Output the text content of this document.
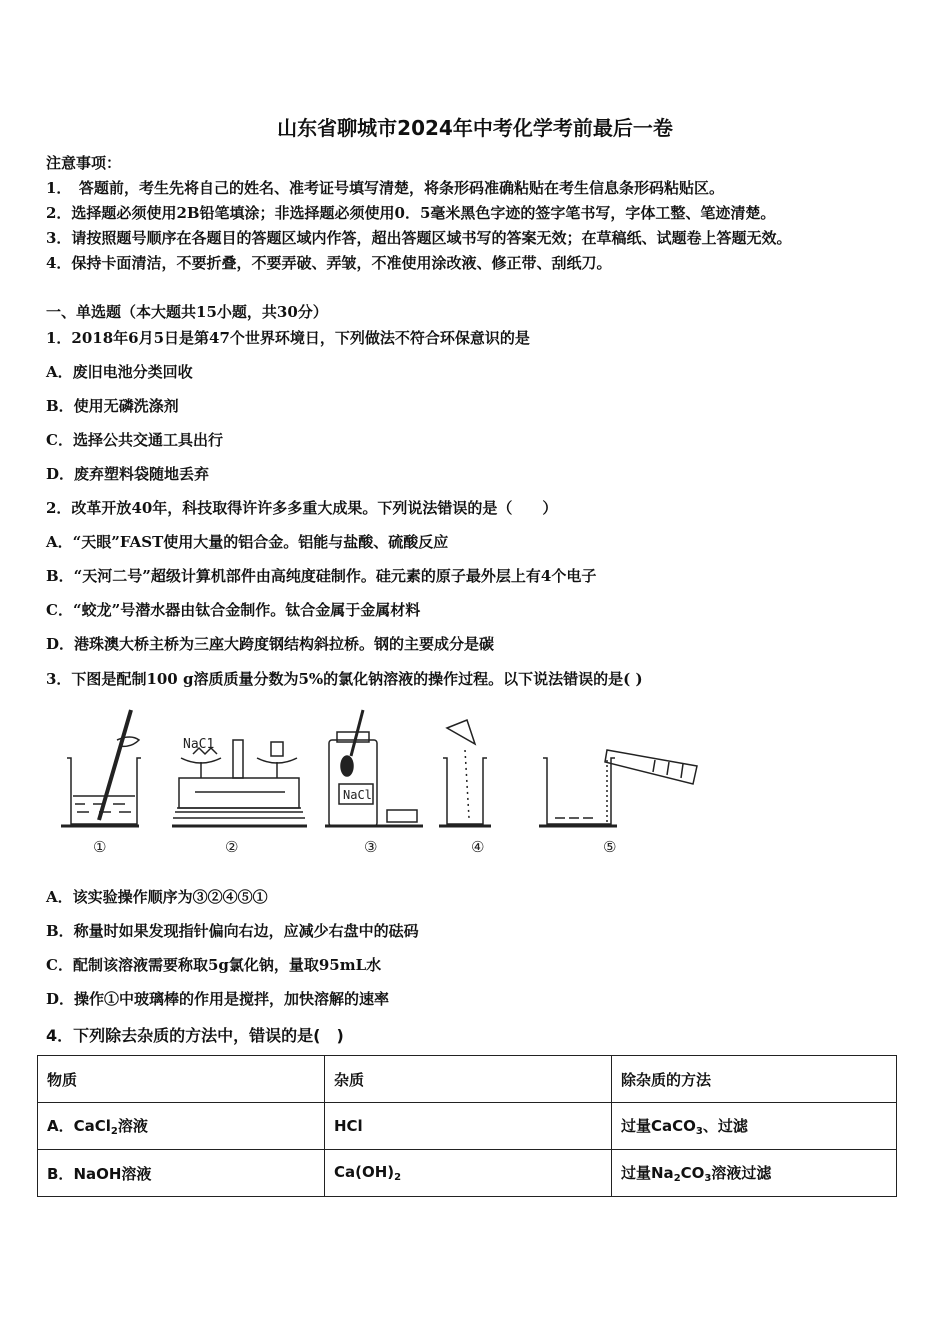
山东省聊城市2024年中考化学考前最后一卷
注意事项：
1．　答题前，考生先将自己的姓名、准考证号填写清楚，将条形码准确粘贴在考生信息条形码粘贴区。
2．选择题必须使用2B铅笔填涂；非选择题必须使用0．5毫米黑色字迹的签字笔书写，字体工整、笔迹清楚。
3．请按照题号顺序在各题目的答题区域内作答，超出答题区域书写的答案无效；在草稿纸、试题卷上答题无效。
4．保持卡面清洁，不要折叠，不要弄破、弄皱，不准使用涂改液、修正带、刮纸刀。
一、单选题（本大题共15小题，共30分）
1．2018年6月5日是第47个世界环境日，下列做法不符合环保意识的是
A．废旧电池分类回收
B．使用无磷洗涤剂
C．选择公共交通工具出行
D．废弃塑料袋随地丢弃
2．改革开放40年，科技取得许许多多重大成果。下列说法错误的是（　　）
A．“天眼”FAST使用大量的铝合金。铝能与盐酸、硫酸反应
B．“天河二号”超级计算机部件由高纯度硅制作。硅元素的原子最外层上有4个电子
C．“蛟龙”号潜水器由钛合金制作。钛合金属于金属材料
D．港珠澳大桥主桥为三座大跨度钢结构斜拉桥。钢的主要成分是碳
3．下图是配制100 g溶质质量分数为5%的氯化钠溶液的操作过程。以下说法错误的是( )
NaC1
NaCl
①	②	③	④	⑤
A．该实验操作顺序为③②④⑤①
B．称量时如果发现指针偏向右边，应减少右盘中的砝码
C．配制该溶液需要称取5g氯化钠，量取95mL水
D．操作①中玻璃棒的作用是搅拌，加快溶解的速率
4．下列除去杂质的方法中，错误的是(　)
物质	杂质	除杂质的方法
A．CaCl$_2$溶液	HCl	过量CaCO$_3$、过滤
B．NaOH溶液	$Ca(OH)_2$	过量$Na_2CO_3$溶液过滤
